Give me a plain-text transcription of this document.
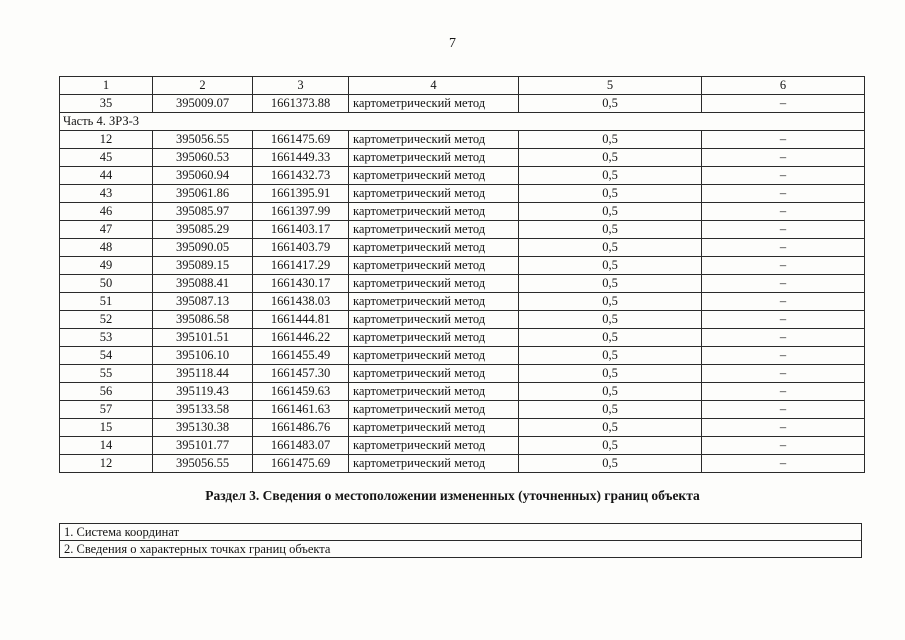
7
1	2	3	4	5	6
35	395009.07	1661373.88	картометрический метод	0,5	–
Часть 4. ЗРЗ-3					
12	395056.55	1661475.69	картометрический метод	0,5	–
45	395060.53	1661449.33	картометрический метод	0,5	–
44	395060.94	1661432.73	картометрический метод	0,5	–
43	395061.86	1661395.91	картометрический метод	0,5	–
46	395085.97	1661397.99	картометрический метод	0,5	–
47	395085.29	1661403.17	картометрический метод	0,5	–
48	395090.05	1661403.79	картометрический метод	0,5	–
49	395089.15	1661417.29	картометрический метод	0,5	–
50	395088.41	1661430.17	картометрический метод	0,5	–
51	395087.13	1661438.03	картометрический метод	0,5	–
52	395086.58	1661444.81	картометрический метод	0,5	–
53	395101.51	1661446.22	картометрический метод	0,5	–
54	395106.10	1661455.49	картометрический метод	0,5	–
55	395118.44	1661457.30	картометрический метод	0,5	–
56	395119.43	1661459.63	картометрический метод	0,5	–
57	395133.58	1661461.63	картометрический метод	0,5	–
15	395130.38	1661486.76	картометрический метод	0,5	–
14	395101.77	1661483.07	картометрический метод	0,5	–
12	395056.55	1661475.69	картометрический метод	0,5	–
Раздел 3. Сведения о местоположении измененных (уточненных) границ объекта
1. Система координат
2. Сведения о характерных точках границ объекта
